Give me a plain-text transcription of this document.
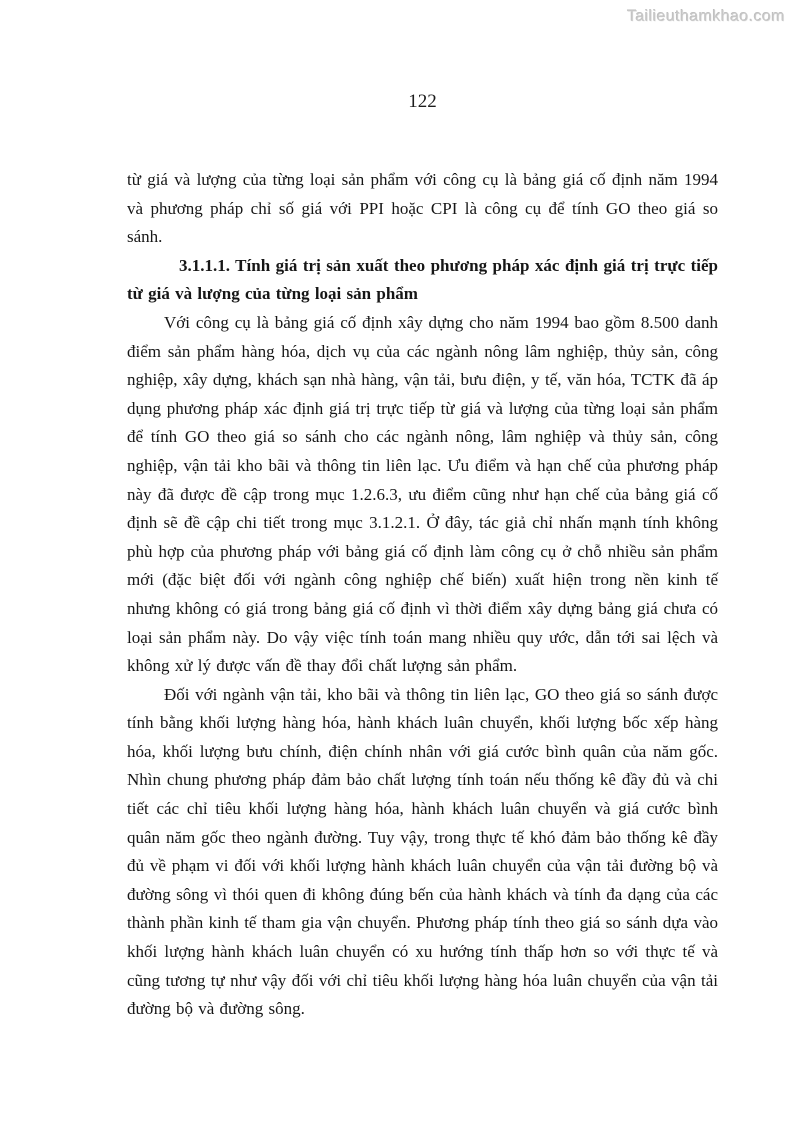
Tailieuthamkhao.com
122

từ giá và lượng của từng loại sản phẩm với công cụ là bảng giá cố định năm 1994 và phương pháp chỉ số giá với PPI hoặc CPI là công cụ để tính GO theo giá so sánh.

3.1.1.1. Tính giá trị sản xuất theo phương pháp xác định giá trị trực tiếp từ giá và lượng của từng loại sản phẩm

Với công cụ là bảng giá cố định xây dựng cho năm 1994 bao gồm 8.500 danh điểm sản phẩm hàng hóa, dịch vụ của các ngành nông lâm nghiệp, thủy sản, công nghiệp, xây dựng, khách sạn nhà hàng, vận tải, bưu điện, y tế, văn hóa, TCTK đã áp dụng phương pháp xác định giá trị trực tiếp từ giá và lượng của từng loại sản phẩm để tính GO theo giá so sánh cho các ngành nông, lâm nghiệp và thủy sản, công nghiệp, vận tải kho bãi và thông tin liên lạc. Ưu điểm và hạn chế của phương pháp này đã được đề cập trong mục 1.2.6.3, ưu điểm cũng như hạn chế của bảng giá cố định sẽ đề cập chi tiết trong mục 3.1.2.1. Ở đây, tác giả chỉ nhấn mạnh tính không phù hợp của phương pháp với bảng giá cố định làm công cụ ở chỗ nhiều sản phẩm mới (đặc biệt đối với ngành công nghiệp chế biến) xuất hiện trong nền kinh tế nhưng không có giá trong bảng giá cố định vì thời điểm xây dựng bảng giá chưa có loại sản phẩm này. Do vậy việc tính toán mang nhiều quy ước, dẫn tới sai lệch và không xử lý được vấn đề thay đổi chất lượng sản phẩm.

Đối với ngành vận tải, kho bãi và thông tin liên lạc, GO theo giá so sánh được tính bằng khối lượng hàng hóa, hành khách luân chuyển, khối lượng bốc xếp hàng hóa, khối lượng bưu chính, điện chính nhân với giá cước bình quân của năm gốc. Nhìn chung phương pháp đảm bảo chất lượng tính toán nếu thống kê đầy đủ và chi tiết các chỉ tiêu khối lượng hàng hóa, hành khách luân chuyển và giá cước bình quân năm gốc theo ngành đường. Tuy vậy, trong thực tế khó đảm bảo thống kê đầy đủ về phạm vi đối với khối lượng hành khách luân chuyển của vận tải đường bộ và đường sông vì thói quen đi không đúng bến của hành khách và tính đa dạng của các thành phần kinh tế tham gia vận chuyển. Phương pháp tính theo giá so sánh dựa vào khối lượng hành khách luân chuyển có xu hướng tính thấp hơn so với thực tế và cũng tương tự như vậy đối với chỉ tiêu khối lượng hàng hóa luân chuyển của vận tải đường bộ và đường sông.
